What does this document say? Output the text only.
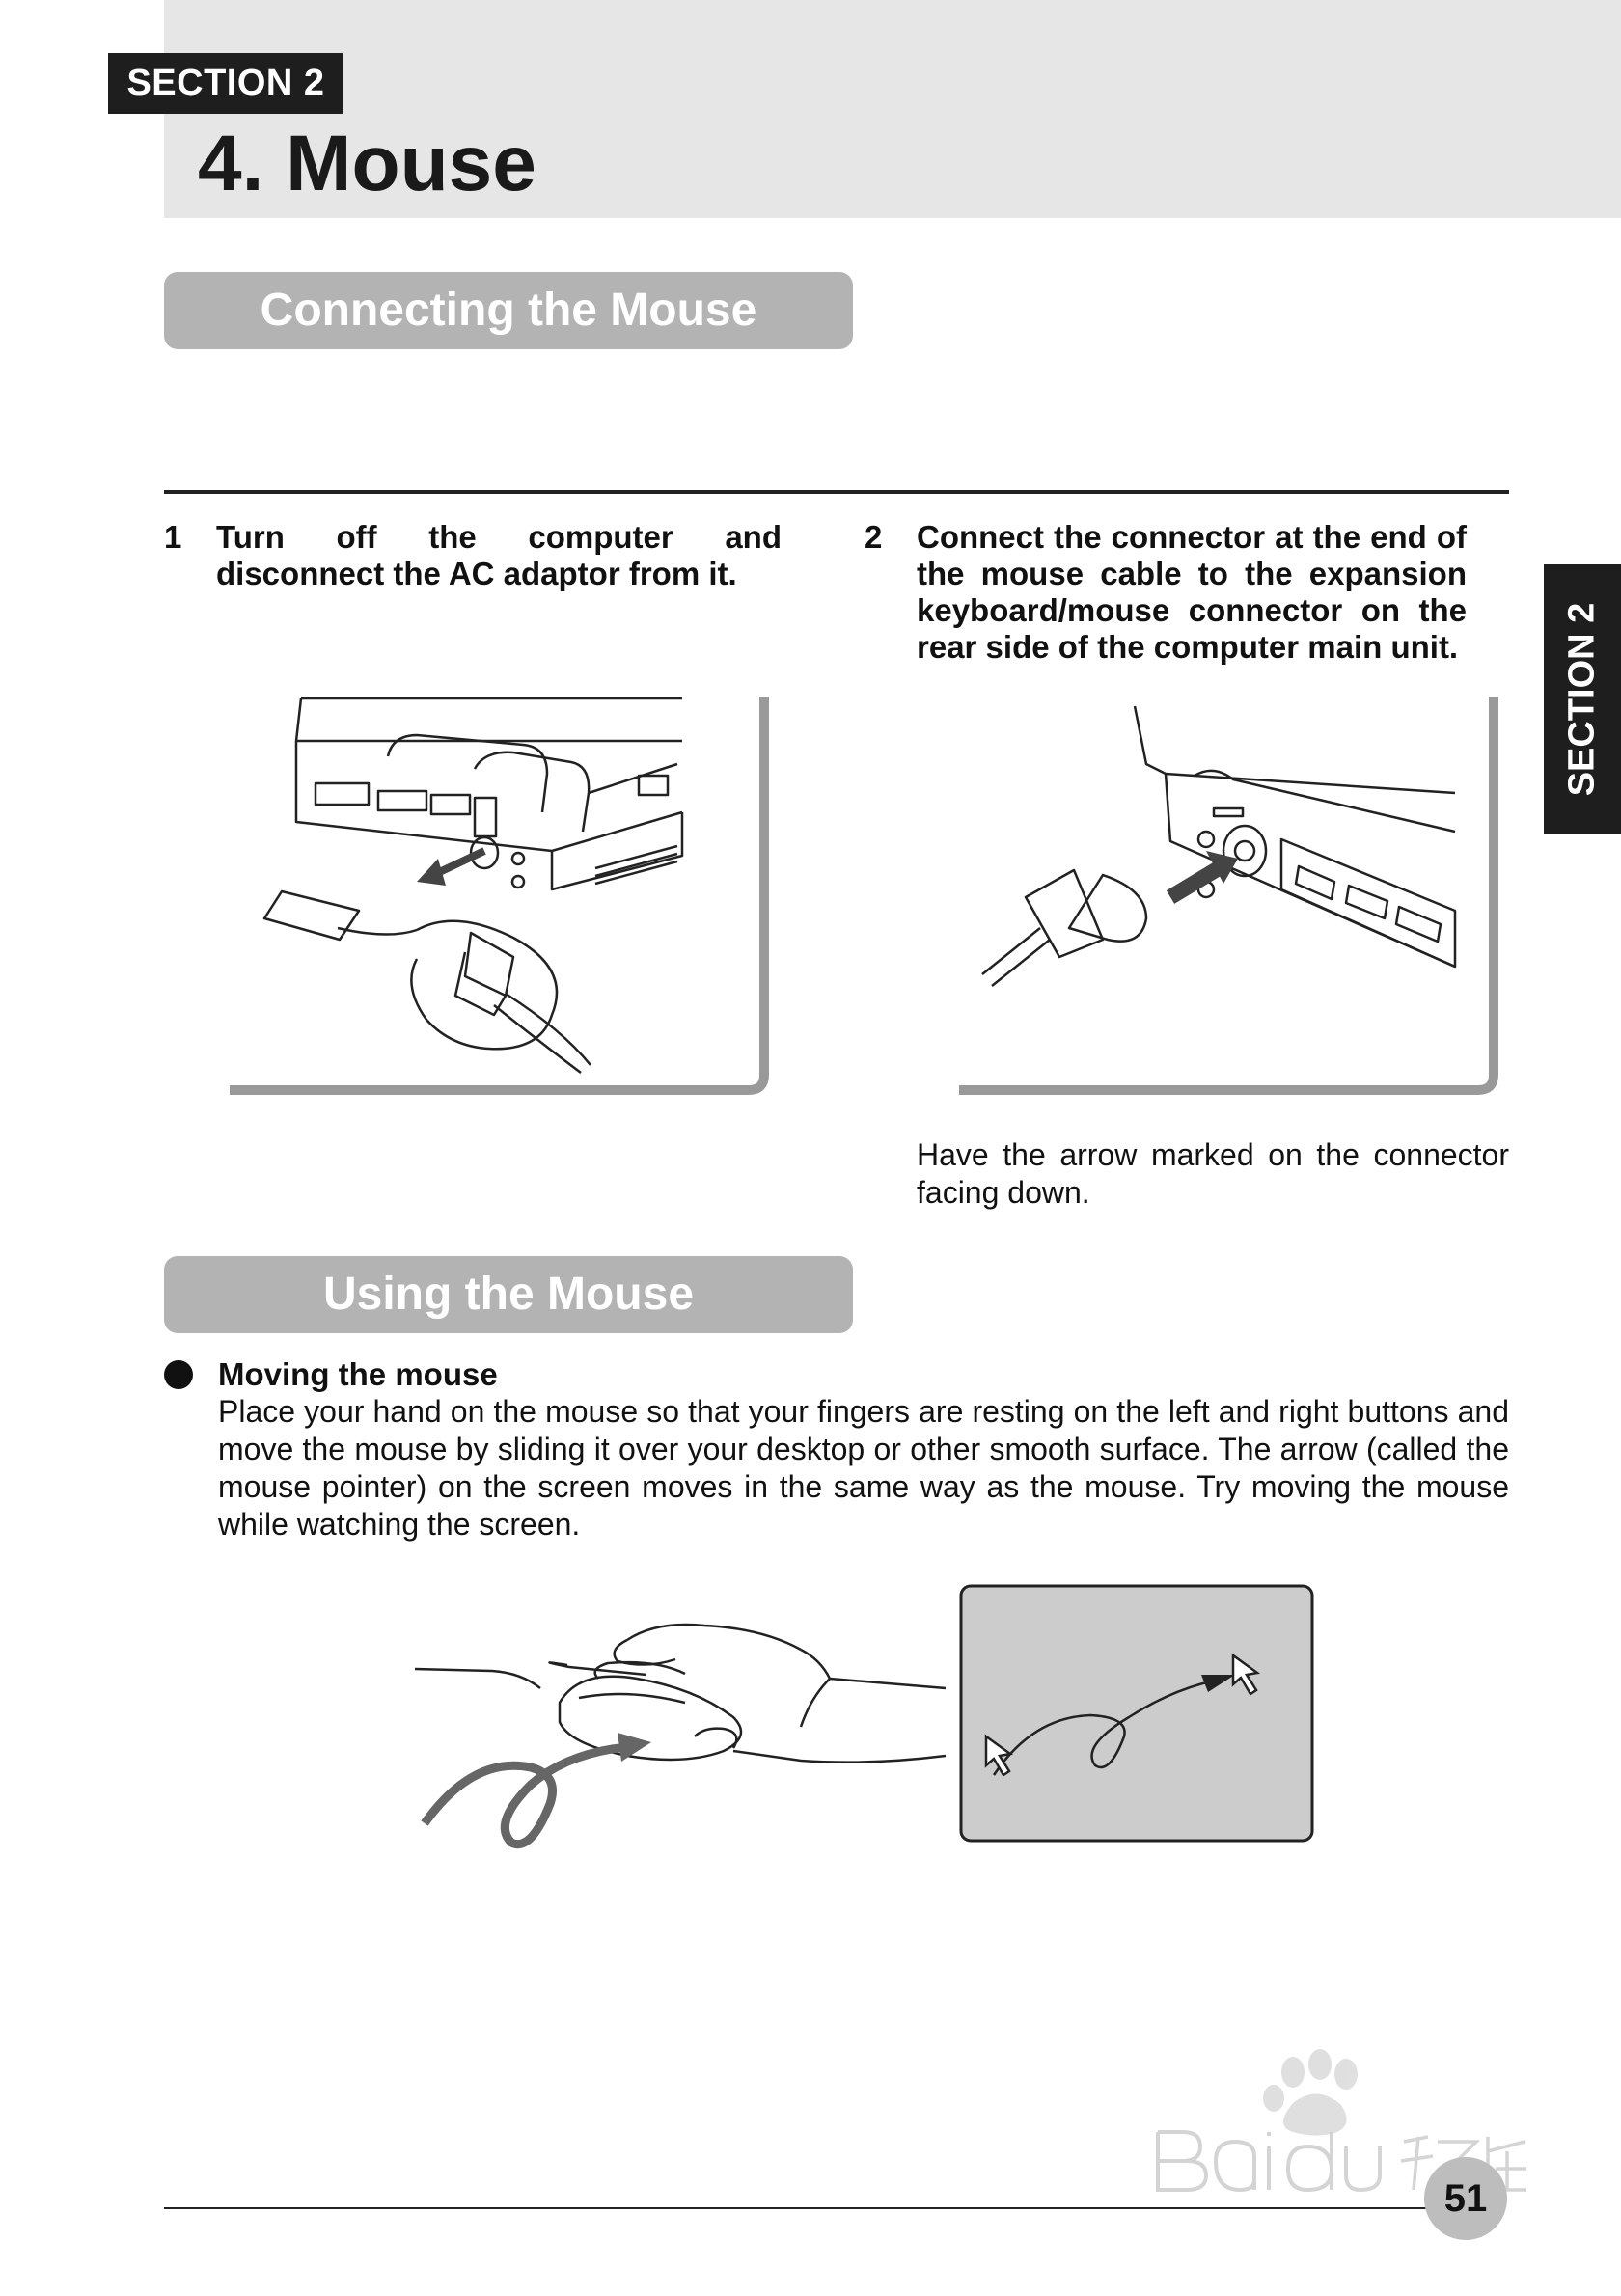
SECTION 2
4. Mouse
Connecting the Mouse
1 Turn off the computer and disconnect the AC adaptor from it.
2 Connect the connector at the end of the mouse cable to the expansion keyboard/mouse connector on the rear side of the computer main unit.	SECTION 2
Have the arrow marked on the connector facing down.
Using the Mouse
Moving the mouse
Place your hand on the mouse so that your fingers are resting on the left and right buttons and move the mouse by sliding it over your desktop or other smooth surface. The arrow (called the mouse pointer) on the screen moves in the same way as the mouse. Try moving the mouse while watching the screen.
51
